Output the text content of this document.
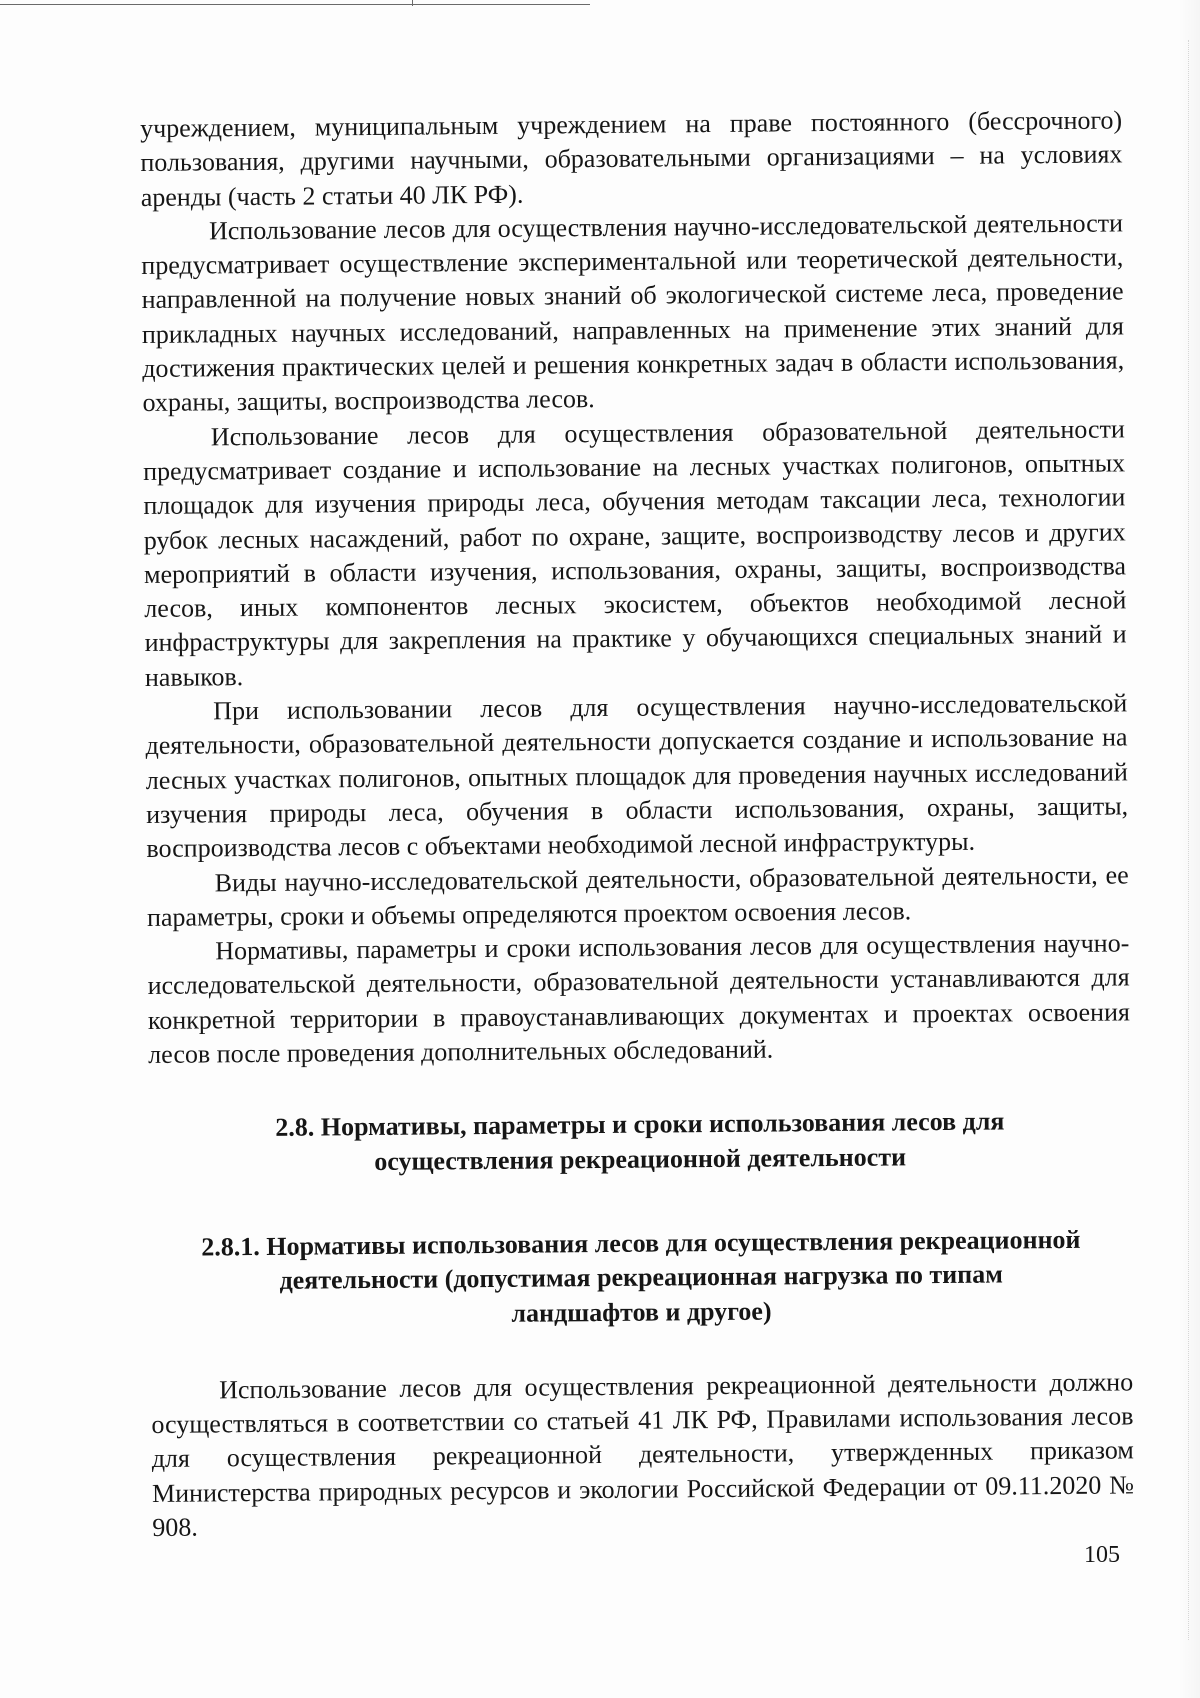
учреждением, муниципальным учреждением на праве постоянного (бессрочного) пользования, другими научными, образовательными организациями – на условиях аренды (часть 2 статьи 40 ЛК РФ).

Использование лесов для осуществления научно-исследовательской деятельности предусматривает осуществление экспериментальной или теоретической деятельности, направленной на получение новых знаний об экологической системе леса, проведение прикладных научных исследований, направленных на применение этих знаний для достижения практических целей и решения конкретных задач в области использования, охраны, защиты, воспроизводства лесов.

Использование лесов для осуществления образовательной деятельности предусматривает создание и использование на лесных участках полигонов, опытных площадок для изучения природы леса, обучения методам таксации леса, технологии рубок лесных насаждений, работ по охране, защите, воспроизводству лесов и других мероприятий в области изучения, использования, охраны, защиты, воспроизводства лесов, иных компонентов лесных экосистем, объектов необходимой лесной инфраструктуры для закрепления на практике у обучающихся специальных знаний и навыков.

При использовании лесов для осуществления научно-исследовательской деятельности, образовательной деятельности допускается создание и использование на лесных участках полигонов, опытных площадок для проведения научных исследований изучения природы леса, обучения в области использования, охраны, защиты, воспроизводства лесов с объектами необходимой лесной инфраструктуры.

Виды научно-исследовательской деятельности, образовательной деятельности, ее параметры, сроки и объемы определяются проектом освоения лесов.

Нормативы, параметры и сроки использования лесов для осуществления научно-исследовательской деятельности, образовательной деятельности устанавливаются для конкретной территории в правоустанавливающих документах и проектах освоения лесов после проведения дополнительных обследований.

2.8. Нормативы, параметры и сроки использования лесов для
осуществления рекреационной деятельности
2.8.1. Нормативы использования лесов для осуществления рекреационной
деятельности (допустимая рекреационная нагрузка по типам
ландшафтов и другое)

Использование лесов для осуществления рекреационной деятельности должно осуществляться в соответствии со статьей 41 ЛК РФ, Правилами использования лесов для осуществления рекреационной деятельности, утвержденных приказом Министерства природных ресурсов и экологии Российской Федерации от 09.11.2020 № 908.

105
